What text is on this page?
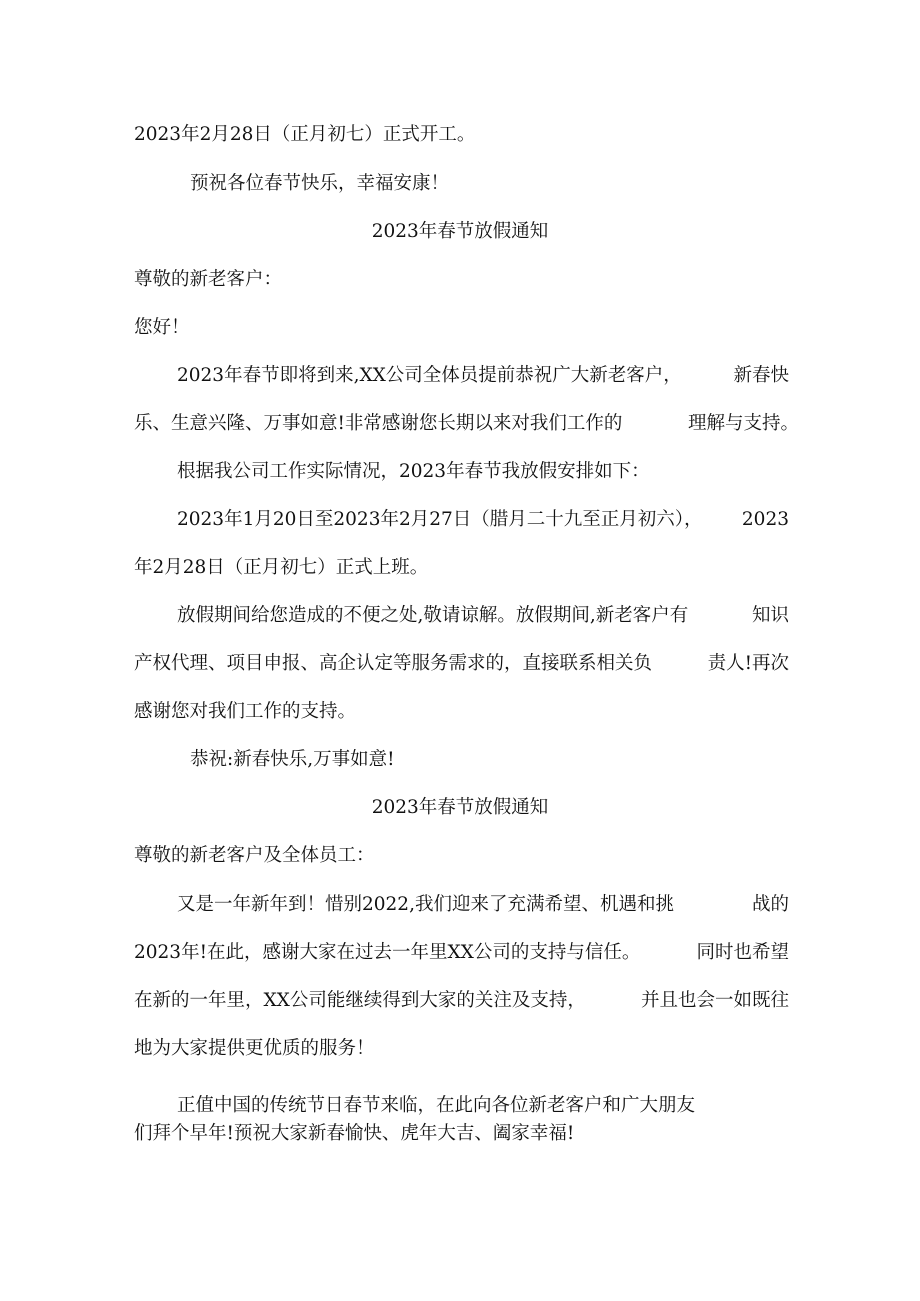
2023年2月28日（正月初七）正式开工。
预祝各位春节快乐，幸福安康！
2023年春节放假通知
尊敬的新老客户：
您好！
2023年春节即将到来,XX公司全体员提前恭祝广大新老客户，	新春快
乐、生意兴隆、万事如意!非常感谢您长期以来对我们工作的	理解与支持。
根据我公司工作实际情况，2023年春节我放假安排如下：
2023年1月20日至2023年2月27日（腊月二十九至正月初六）， 2023
年2月28日（正月初七）正式上班。
放假期间给您造成的不便之处,敬请谅解。放假期间,新老客户有	知识
产权代理、项目申报、高企认定等服务需求的，直接联系相关负	责人!再次
感谢您对我们工作的支持。
恭祝:新春快乐,万事如意!
2023年春节放假通知
尊敬的新老客户及全体员工：
又是一年新年到！惜别2022,我们迎来了充满希望、机遇和挑	战的
2023年!在此，感谢大家在过去一年里XX公司的支持与信任。	同时也希望
在新的一年里，XX公司能继续得到大家的关注及支持，	并且也会一如既往
地为大家提供更优质的服务！
正值中国的传统节日春节来临，在此向各位新老客户和广大朋友
们拜个早年!预祝大家新春愉快、虎年大吉、阖家幸福!
